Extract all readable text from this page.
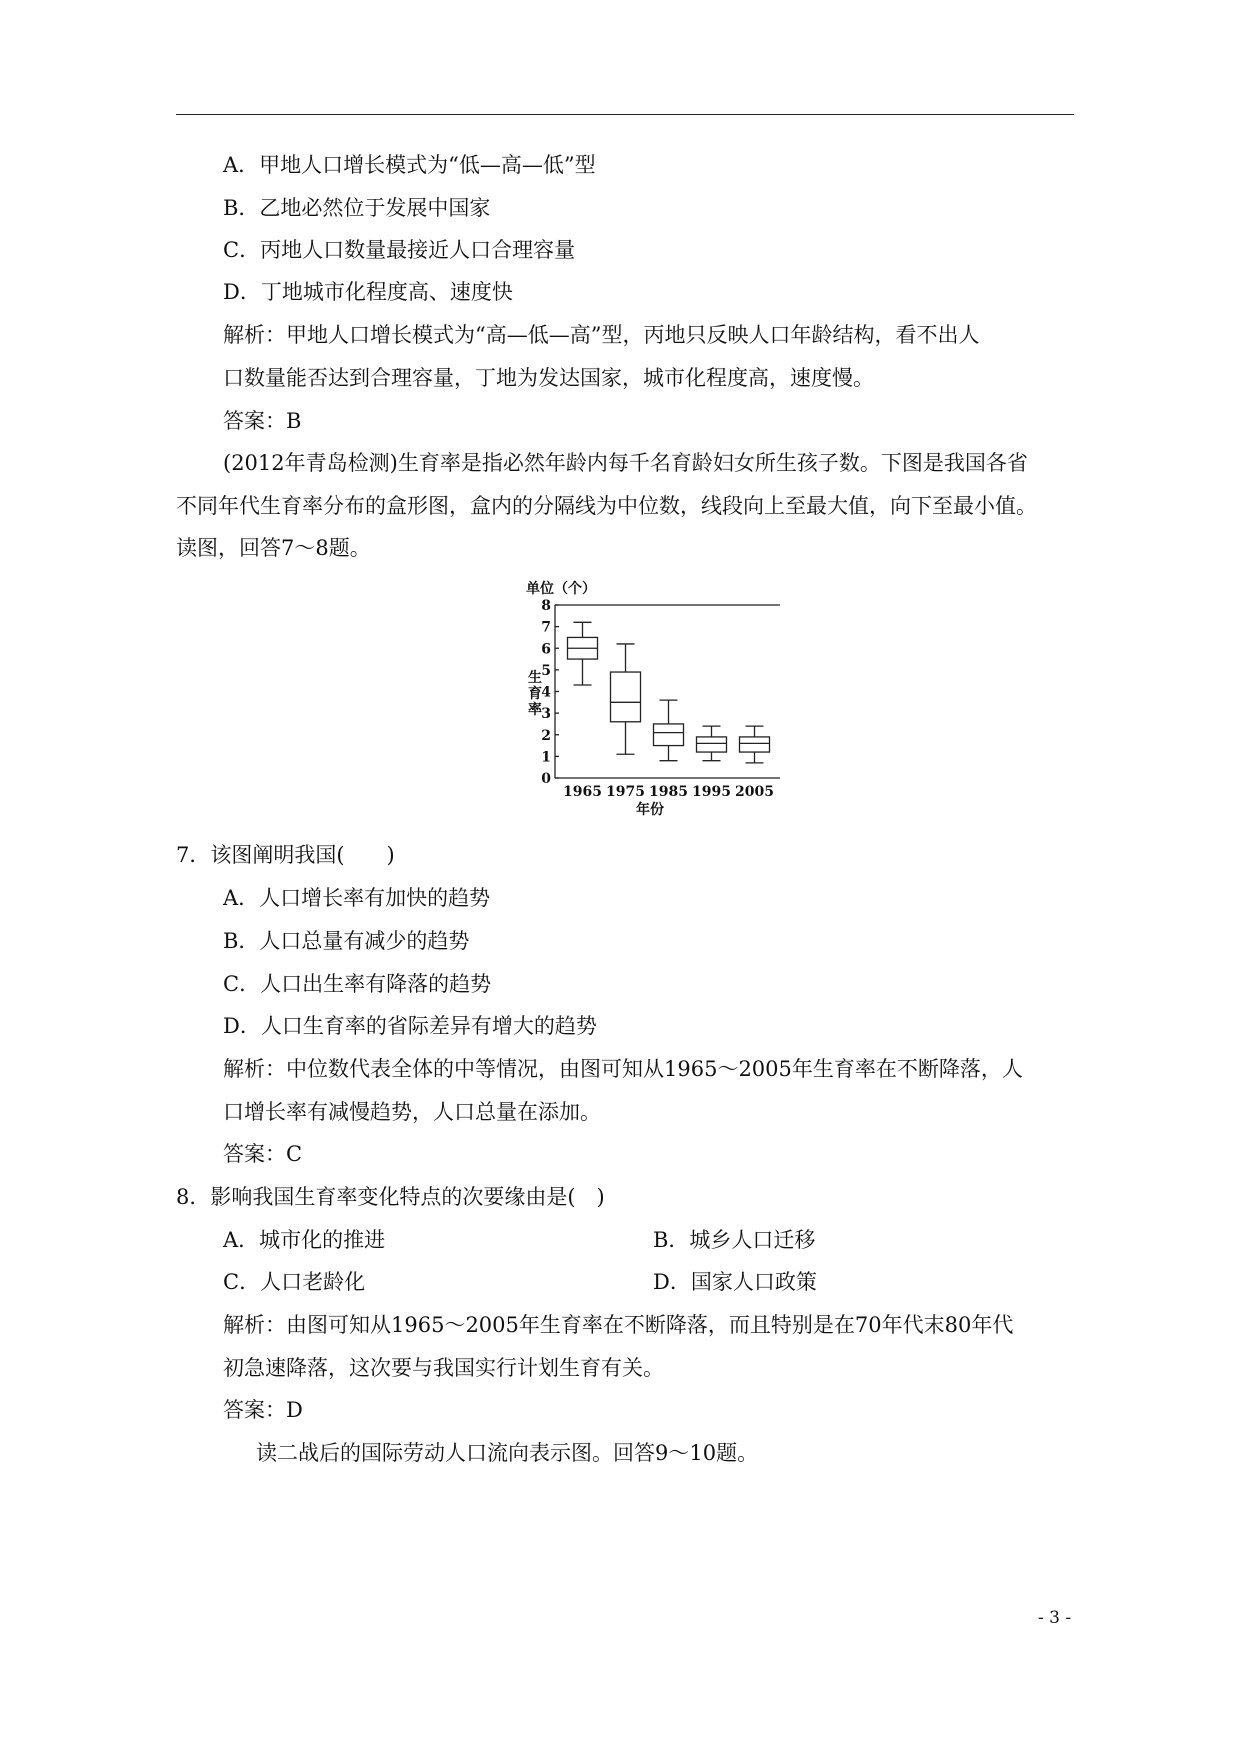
A．甲地人口增长模式为“低—高—低”型
B．乙地必然位于发展中国家
C．丙地人口数量最接近人口合理容量
D．丁地城市化程度高、速度快
解析：甲地人口增长模式为“高—低—高”型，丙地只反映人口年龄结构，看不出人
口数量能否达到合理容量，丁地为发达国家，城市化程度高，速度慢。
答案：B
(2012年青岛检测)生育率是指必然年龄内每千名育龄妇女所生孩子数。下图是我国各省
不同年代生育率分布的盒形图，盒内的分隔线为中位数，线段向上至最大值，向下至最小值。
读图，回答7～8题。
单位（个）
生育率
年份
0
1
2
3
4
5
6
7
8
1965 1975 1985 1995 2005
7．该图阐明我国(　　)
A．人口增长率有加快的趋势
B．人口总量有减少的趋势
C．人口出生率有降落的趋势
D．人口生育率的省际差异有增大的趋势
解析：中位数代表全体的中等情况，由图可知从1965～2005年生育率在不断降落，人
口增长率有减慢趋势，人口总量在添加。
答案：C
8．影响我国生育率变化特点的次要缘由是(　)
A．城市化的推进	B．城乡人口迁移
C．人口老龄化	D．国家人口政策
解析：由图可知从1965～2005年生育率在不断降落，而且特别是在70年代末80年代
初急速降落，这次要与我国实行计划生育有关。
答案：D
读二战后的国际劳动人口流向表示图。回答9～10题。
- 3 -
